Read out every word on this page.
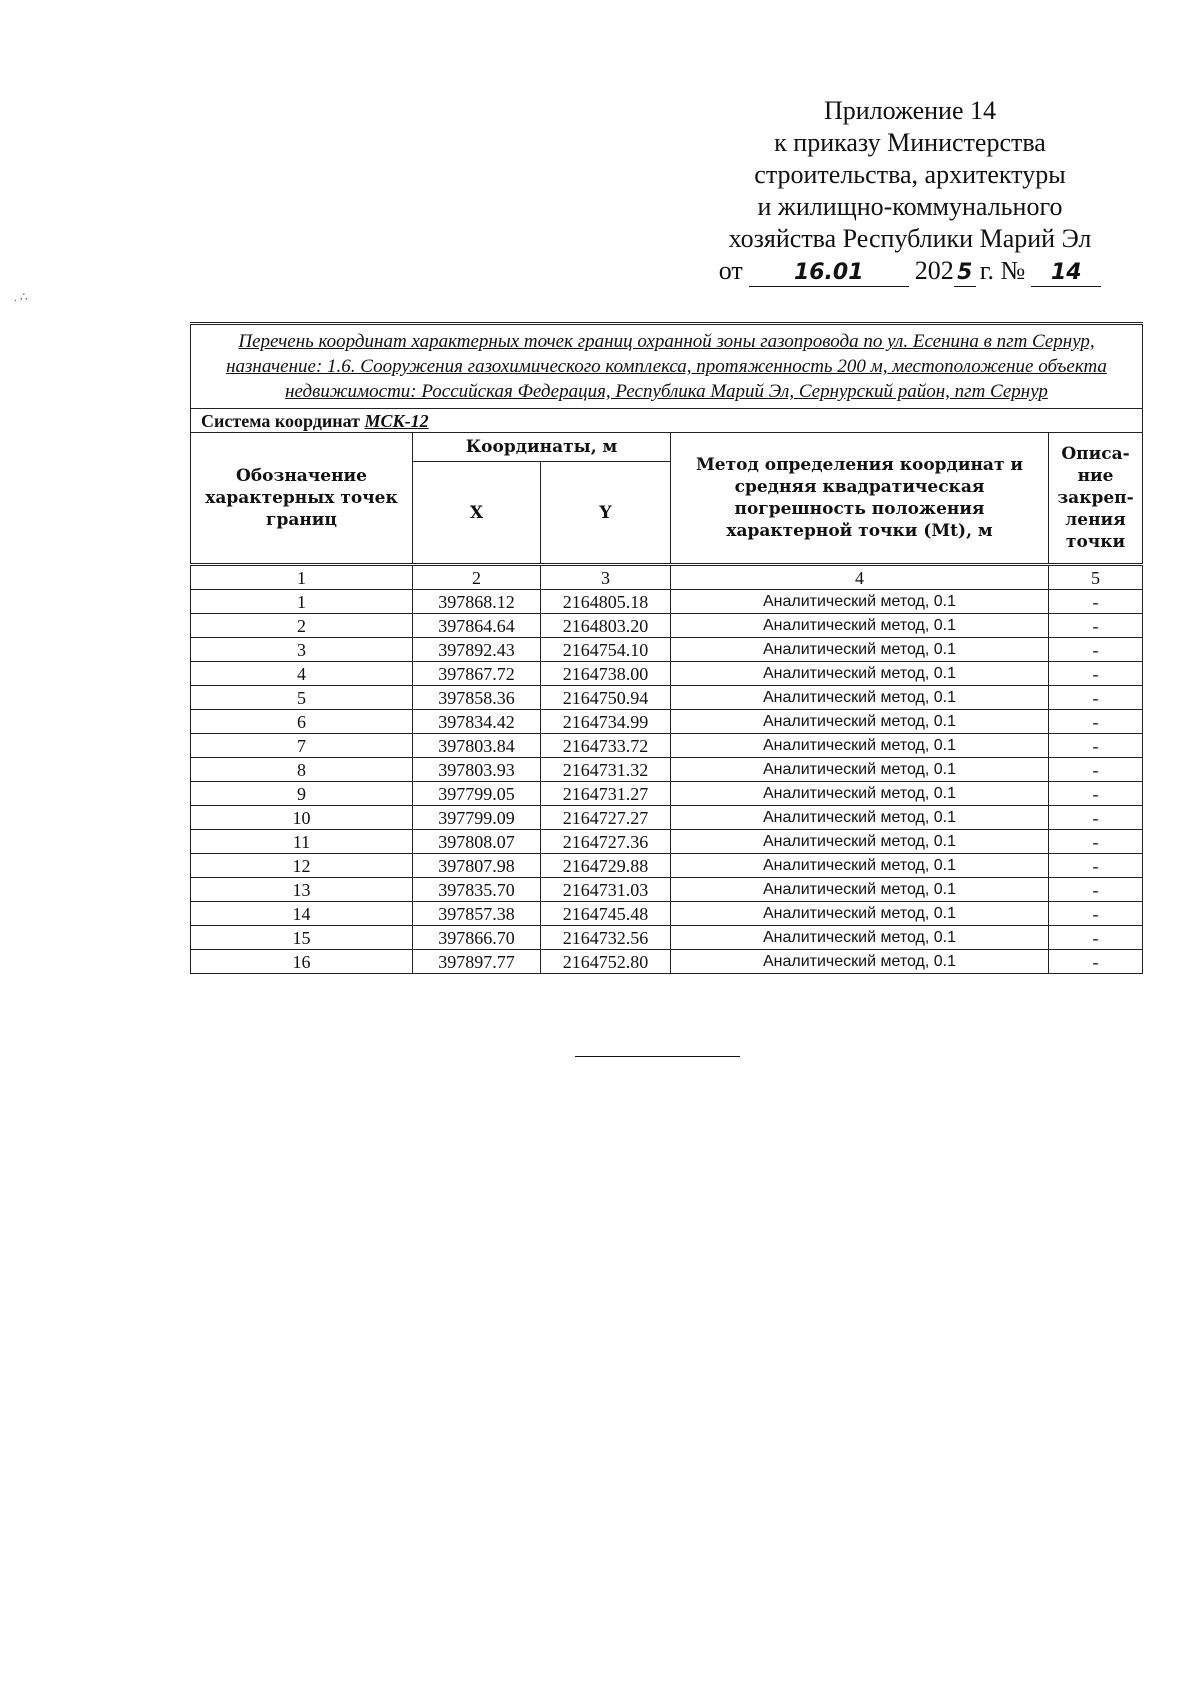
Приложение 14
к приказу Министерства
строительства, архитектуры
и жилищно-коммунального
хозяйства Республики Марий Эл
от	16.01	202 5 г. №	14
. ∴
Перечень координат характерных точек границ охранной зоны газопровода по ул. Есенина в пгт Сернур, назначение: 1.6. Сооружения газохимического комплекса, протяженность 200 м, местоположение объекта недвижимости: Российская Федерация, Республика Марий Эл, Сернурский район, пгт Сернур				
Система координат МСК-12				
Обозначение характерных точек границ	Координаты, м		Метод определения координат и средняя квадратическая погрешность положения характерной точки (Mt), м	Описа-ние закреп-ления точки
	X	Y		
1	2	3	4	5
1	397868.12	2164805.18	Аналитический метод, 0.1	-
2	397864.64	2164803.20	Аналитический метод, 0.1	-
3	397892.43	2164754.10	Аналитический метод, 0.1	-
4	397867.72	2164738.00	Аналитический метод, 0.1	-
5	397858.36	2164750.94	Аналитический метод, 0.1	-
6	397834.42	2164734.99	Аналитический метод, 0.1	-
7	397803.84	2164733.72	Аналитический метод, 0.1	-
8	397803.93	2164731.32	Аналитический метод, 0.1	-
9	397799.05	2164731.27	Аналитический метод, 0.1	-
10	397799.09	2164727.27	Аналитический метод, 0.1	-
11	397808.07	2164727.36	Аналитический метод, 0.1	-
12	397807.98	2164729.88	Аналитический метод, 0.1	-
13	397835.70	2164731.03	Аналитический метод, 0.1	-
14	397857.38	2164745.48	Аналитический метод, 0.1	-
15	397866.70	2164732.56	Аналитический метод, 0.1	-
16	397897.77	2164752.80	Аналитический метод, 0.1	-
